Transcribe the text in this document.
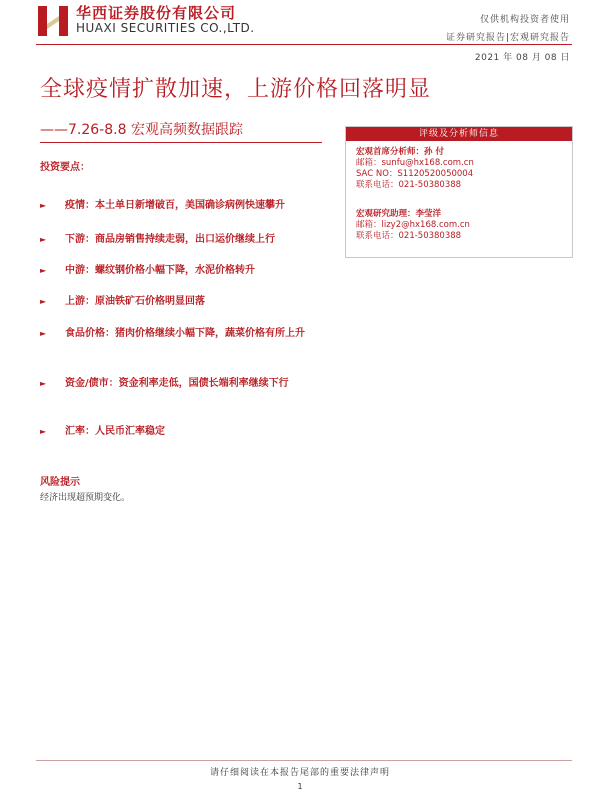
华西证券股份有限公司
HUAXI SECURITIES CO.,LTD.
仅供机构投资者使用
证券研究报告|宏观研究报告
2021 年 08 月 08 日
全球疫情扩散加速，上游价格回落明显
——7.26-8.8 宏观高频数据跟踪	评级及分析师信息
宏观首席分析师：孙 付
邮箱：sunfu@hx168.com.cn
SAC NO：S1120520050004
联系电话：021-50380388
宏观研究助理：李莹洋
邮箱：lizy2@hx168.com.cn
联系电话：021-50380388
投资要点：
►	疫情：本土单日新增破百，美国确诊病例快速攀升
►	下游：商品房销售持续走弱，出口运价继续上行
►	中游：螺纹钢价格小幅下降，水泥价格转升
►	上游：原油铁矿石价格明显回落
►	食品价格：猪肉价格继续小幅下降，蔬菜价格有所上升
►	资金/债市：资金利率走低，国债长端利率继续下行
►	汇率：人民币汇率稳定
风险提示
经济出现超预期变化。
请仔细阅读在本报告尾部的重要法律声明
1
